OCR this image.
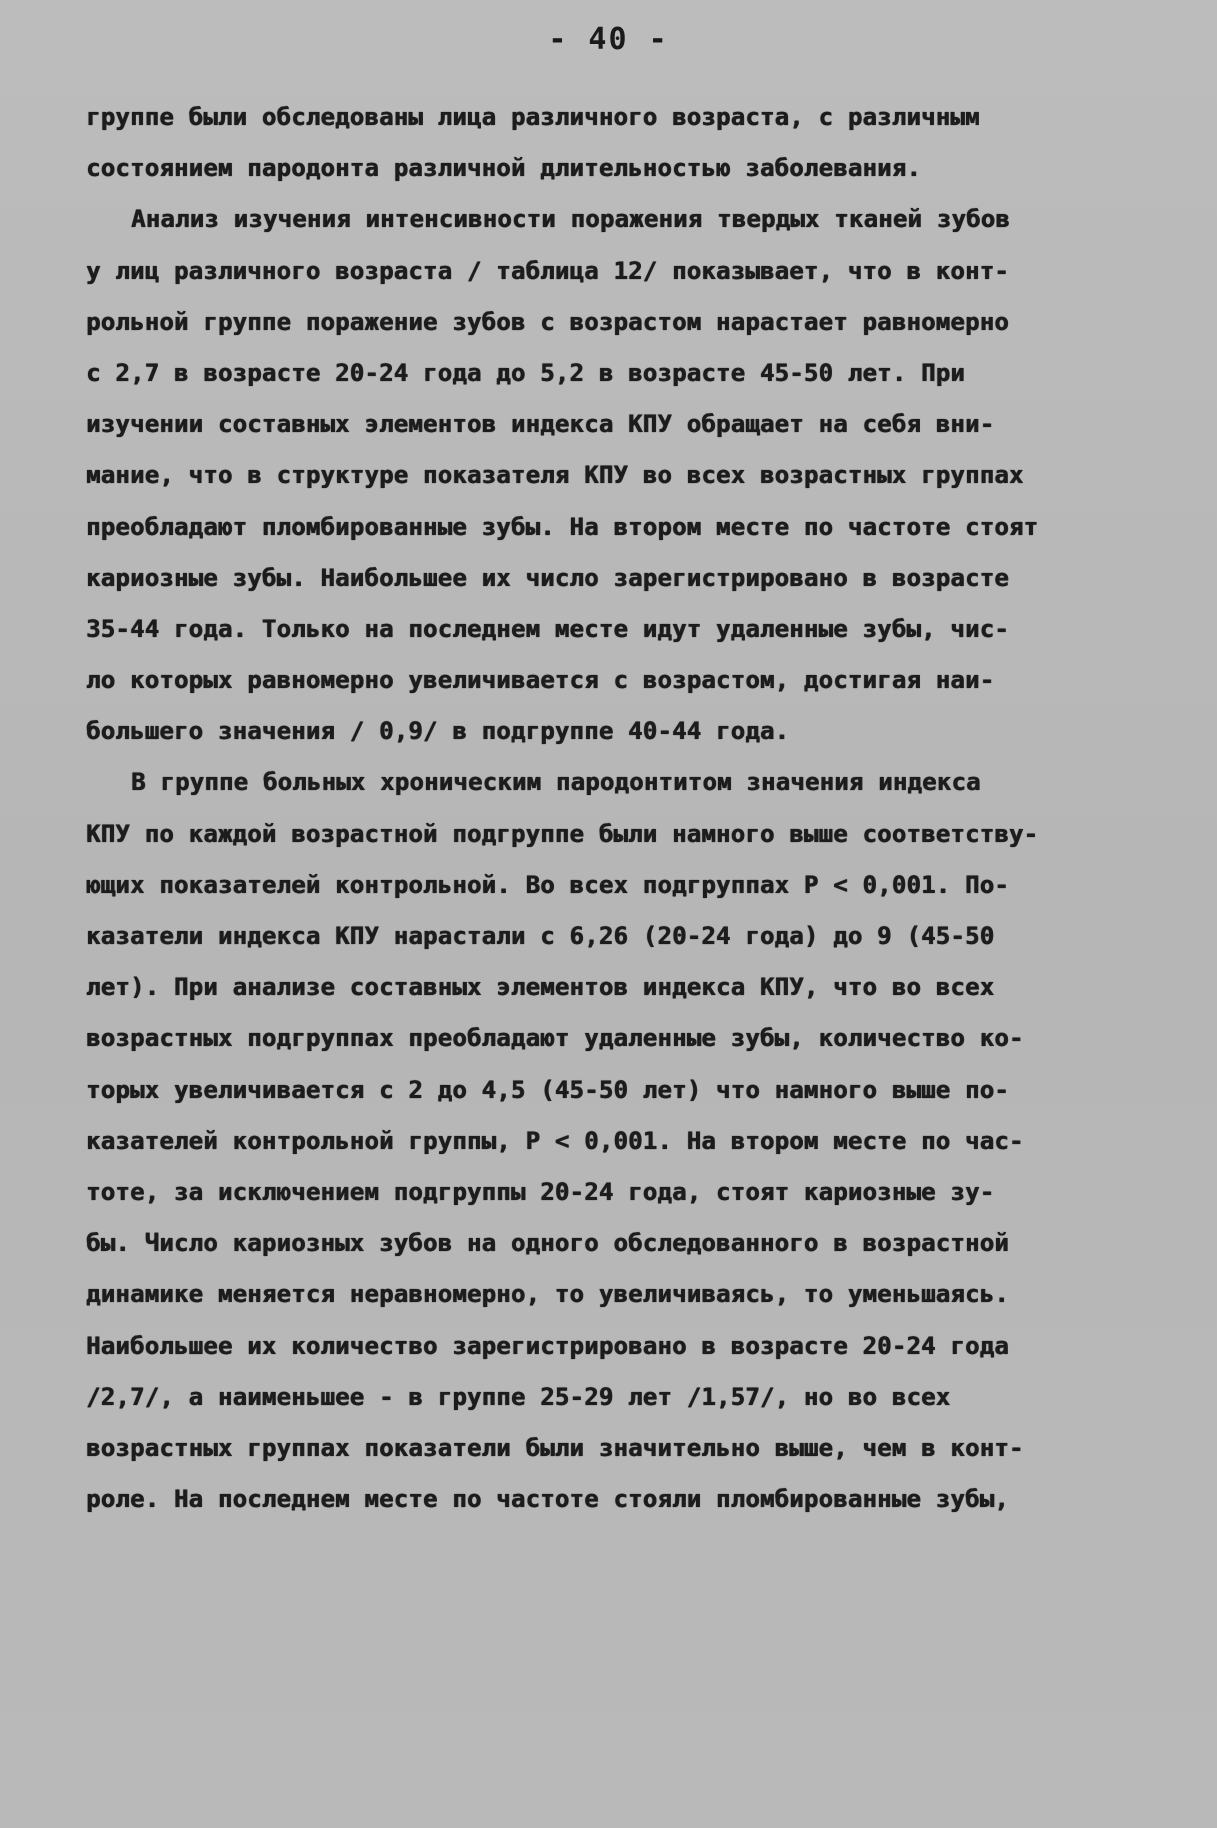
- 40 -
группе были обследованы лица различного возраста, с различным
состоянием пародонта различной длительностью заболевания.
Анализ изучения интенсивности поражения твердых тканей зубов
у лиц различного возраста / таблица 12/ показывает, что в конт-
рольной группе поражение зубов с возрастом нарастает равномерно
с 2,7 в возрасте 20-24 года до 5,2 в возрасте 45-50 лет. При
изучении составных элементов индекса КПУ обращает на себя вни-
мание, что в структуре показателя КПУ во всех возрастных группах
преобладают пломбированные зубы. На втором месте по частоте стоят
кариозные зубы. Наибольшее их число зарегистрировано в возрасте
35-44 года. Только на последнем месте идут удаленные зубы, чис-
ло которых равномерно увеличивается с возрастом, достигая наи-
большего значения / 0,9/ в подгруппе 40-44 года.
В группе больных хроническим пародонтитом значения индекса
КПУ по каждой возрастной подгруппе были намного выше соответству-
ющих показателей контрольной. Во всех подгруппах Р < 0,001. По-
казатели индекса КПУ нарастали с 6,26 (20-24 года) до 9 (45-50
лет). При анализе составных элементов индекса КПУ, что во всех
возрастных подгруппах преобладают удаленные зубы, количество ко-
торых увеличивается с 2 до 4,5 (45-50 лет) что намного выше по-
казателей контрольной группы, Р < 0,001. На втором месте по час-
тоте, за исключением подгруппы 20-24 года, стоят кариозные зу-
бы. Число кариозных зубов на одного обследованного в возрастной
динамике меняется неравномерно, то увеличиваясь, то уменьшаясь.
Наибольшее их количество зарегистрировано в возрасте 20-24 года
/2,7/, а наименьшее - в группе 25-29 лет /1,57/, но во всех
возрастных группах показатели были значительно выше, чем в конт-
роле. На последнем месте по частоте стояли пломбированные зубы,
